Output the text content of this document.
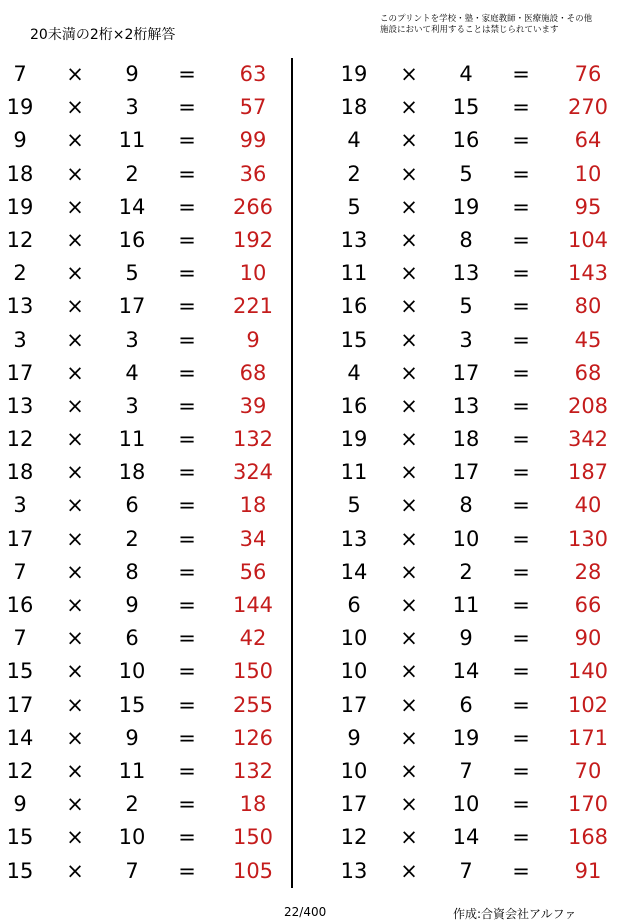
20未満の2桁×2桁解答
このプリントを学校・塾・家庭教師・医療施設・その他
施設において利用することは禁じられています
7	×	9	=	63
19	×	3	=	57
9	×	11	=	99
18	×	2	=	36
19	×	14	=	266
12	×	16	=	192
2	×	5	=	10
13	×	17	=	221
3	×	3	=	9
17	×	4	=	68
13	×	3	=	39
12	×	11	=	132
18	×	18	=	324
3	×	6	=	18
17	×	2	=	34
7	×	8	=	56
16	×	9	=	144
7	×	6	=	42
15	×	10	=	150
17	×	15	=	255
14	×	9	=	126
12	×	11	=	132
9	×	2	=	18
15	×	10	=	150
15	×	7	=	105
19	×	4	=	76
18	×	15	=	270
4	×	16	=	64
2	×	5	=	10
5	×	19	=	95
13	×	8	=	104
11	×	13	=	143
16	×	5	=	80
15	×	3	=	45
4	×	17	=	68
16	×	13	=	208
19	×	18	=	342
11	×	17	=	187
5	×	8	=	40
13	×	10	=	130
14	×	2	=	28
6	×	11	=	66
10	×	9	=	90
10	×	14	=	140
17	×	6	=	102
9	×	19	=	171
10	×	7	=	70
17	×	10	=	170
12	×	14	=	168
13	×	7	=	91
22/400	作成:合資会社アルファ
